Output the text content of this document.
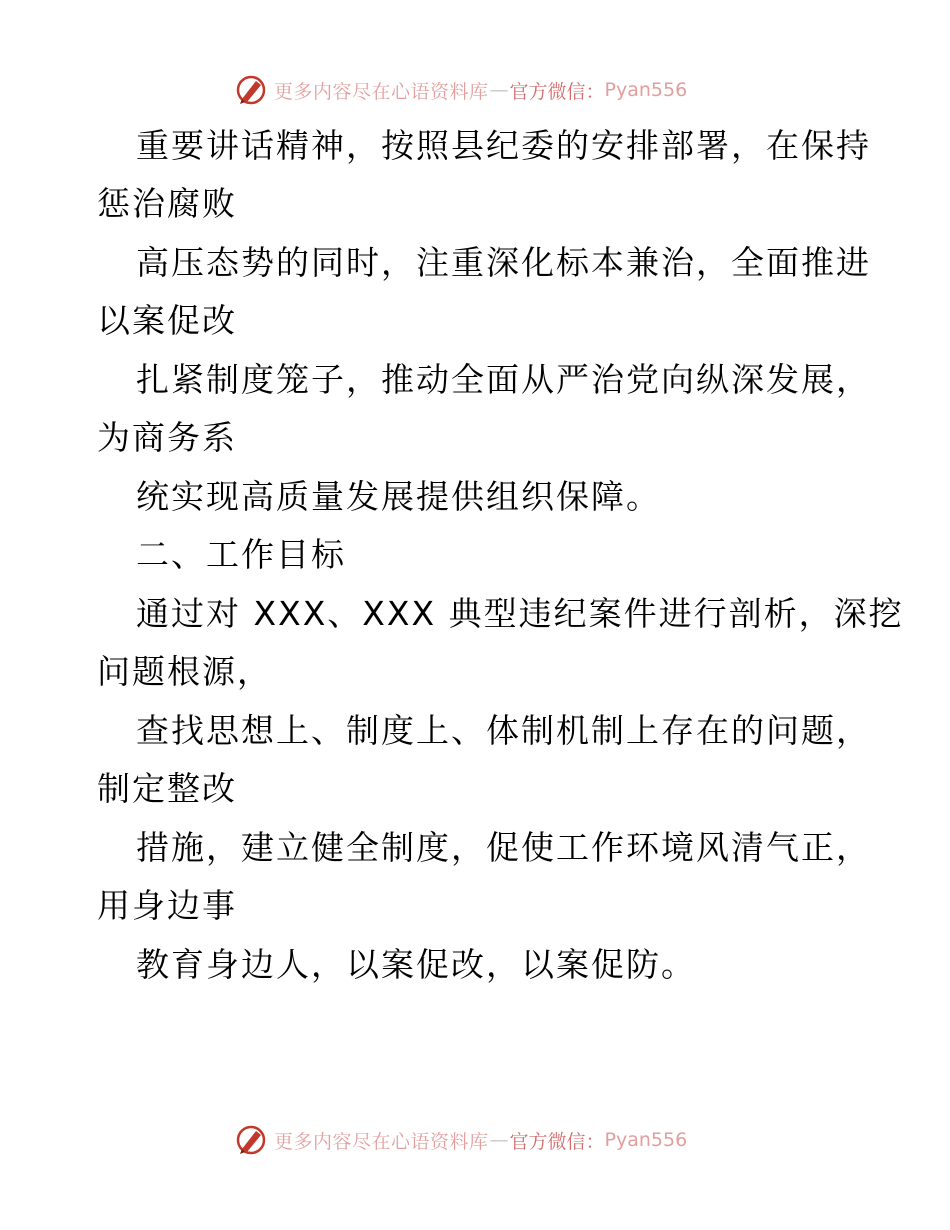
更多内容尽在心语资料库 — 官方微信： Pyan556

重要讲话精神，按照县纪委的安排部署，在保持

惩治腐败

高压态势的同时，注重深化标本兼治，全面推进

以案促改

扎紧制度笼子，推动全面从严治党向纵深发展，

为商务系

统实现高质量发展提供组织保障。

二、工作目标

通过对 XXX、XXX 典型违纪案件进行剖析，深挖

问题根源，

查找思想上、制度上、体制机制上存在的问题，

制定整改

措施，建立健全制度，促使工作环境风清气正，

用身边事

教育身边人，以案促改，以案促防。

更多内容尽在心语资料库 — 官方微信： Pyan556
